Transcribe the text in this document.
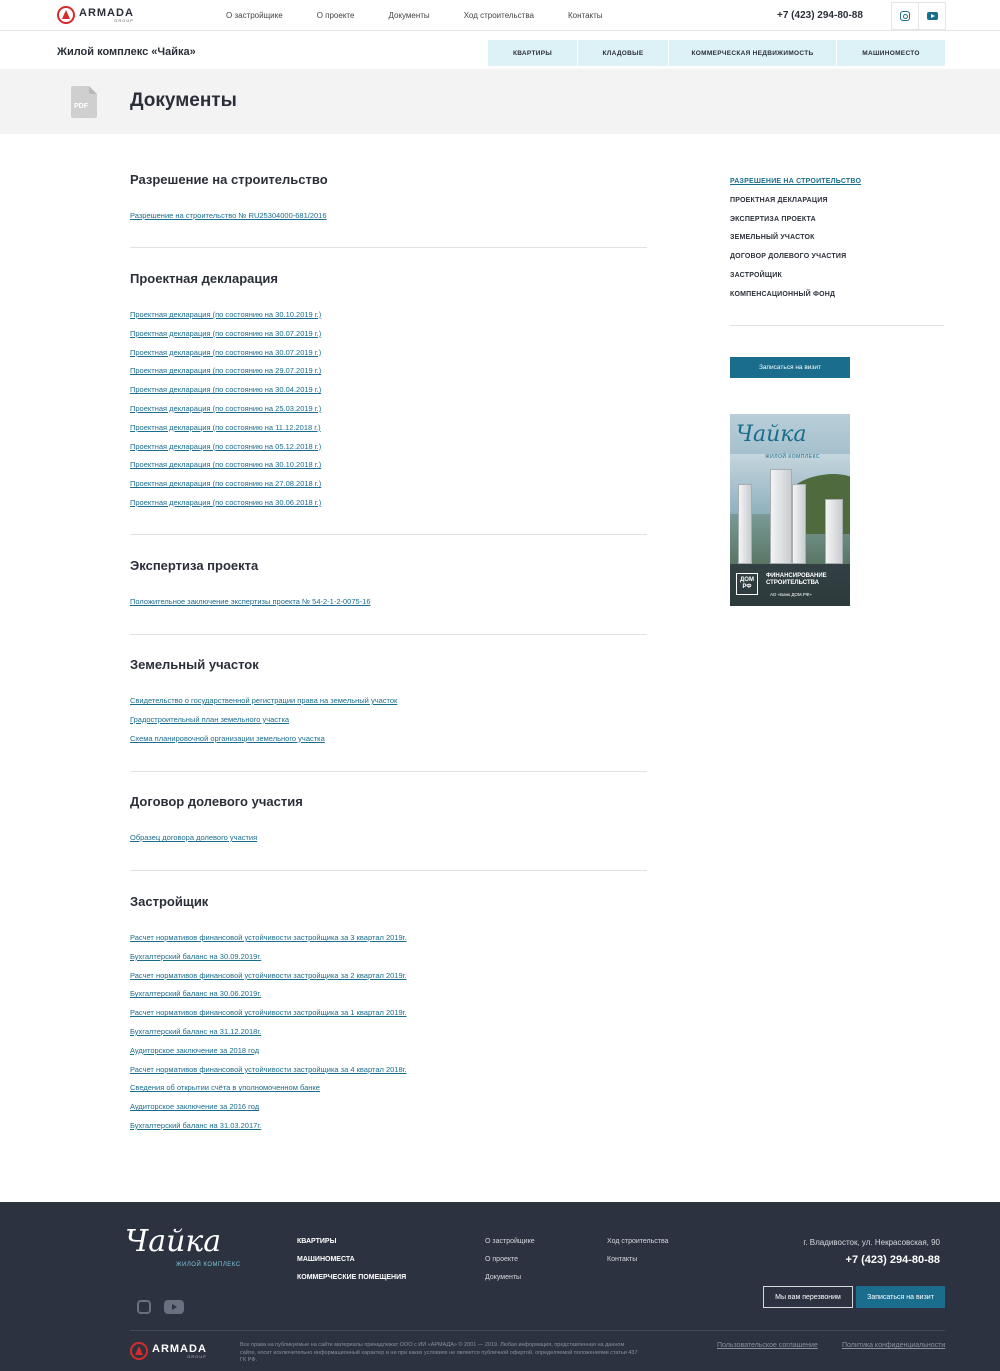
ARMADA
GROUP	О застройщике	О проекте	Документы	Ход строительства	Контакты	+7 (423) 294-80-88
Жилой комплекс «Чайка»	КВАРТИРЫ	КЛАДОВЫЕ	КОММЕРЧЕСКАЯ НЕДВИЖИМОСТЬ	МАШИНОМЕСТО
PDF Документы
Разрешение на строительство
Разрешение на строительство № RU25304000-681/2016
Проектная декларация
Проектная декларация (по состоянию на 30.10.2019 г.)
Проектная декларация (по состоянию на 30.07.2019 г.)
Проектная декларация (по состоянию на 30.07.2019 г.)
Проектная декларация (по состоянию на 29.07.2019 г.)
Проектная декларация (по состоянию на 30.04.2019 г.)
Проектная декларация (по состоянию на 25.03.2019 г.)
Проектная декларация (по состоянию на 11.12.2018 г.)
Проектная декларация (по состоянию на 05.12.2018 г.)
Проектная декларация (по состоянию на 30.10.2018 г.)
Проектная декларация (по состоянию на 27.08.2018 г.)
Проектная декларация (по состоянию на 30.06.2018 г.)
Экспертиза проекта
Положительное заключение экспертизы проекта № 54-2-1-2-0075-16
Земельный участок
Свидетельство о государственной регистрации права на земельный участок
Градостроительный план земельного участка
Схема планировочной организации земельного участка
Договор долевого участия
Образец договора долевого участия
Застройщик
Расчет нормативов финансовой устойчивости застройщика за 3 квартал 2019г.
Бухгалтерский баланс на 30.09.2019г.
Расчет нормативов финансовой устойчивости застройщика за 2 квартал 2019г.
Бухгалтерский баланс на 30.06.2019г.
Расчет нормативов финансовой устойчивости застройщика за 1 квартал 2019г.
Бухгалтерский баланс на 31.12.2018г.
Аудиторское заключение за 2018 год
Расчет нормативов финансовой устойчивости застройщика за 4 квартал 2018г.
Сведения об открытии счёта в уполномоченном банке
Аудиторское заключение за 2016 год
Бухгалтерский баланс на 31.03.2017г.
РАЗРЕШЕНИЕ НА СТРОИТЕЛЬСТВО
ПРОЕКТНАЯ ДЕКЛАРАЦИЯ
ЭКСПЕРТИЗА ПРОЕКТА
ЗЕМЕЛЬНЫЙ УЧАСТОК
ДОГОВОР ДОЛЕВОГО УЧАСТИЯ
ЗАСТРОЙЩИК
КОМПЕНСАЦИОННЫЙ ФОНД
Записаться на визит
Чайка
ЖИЛОЙ КОМПЛЕКС
ДОМ РФ
ФИНАНСИРОВАНИЕ СТРОИТЕЛЬСТВА
АО «Банк ДОМ.РФ»
Чайка
ЖИЛОЙ КОМПЛЕКС
КВАРТИРЫ
МАШИНОМЕСТА
КОММЕРЧЕСКИЕ ПОМЕЩЕНИЯ
О застройщике
О проекте
Документы
Ход строительства
Контакты
г. Владивосток, ул. Некрасовская, 90
+7 (423) 294-80-88
Мы вам перезвоним	Записаться на визит
ARMADA
GROUP
Все права на публикуемые на сайте материалы принадлежат ООО с ИИ «АРМАДА» © 2001 — 2019. Любая информация, представленная на данном сайте, носит исключительно информационный характер и ни при каких условиях не является публичной офертой, определяемой положениями статьи 437 ГК РФ.
Пользовательское соглашение	Политика конфиденциальности
